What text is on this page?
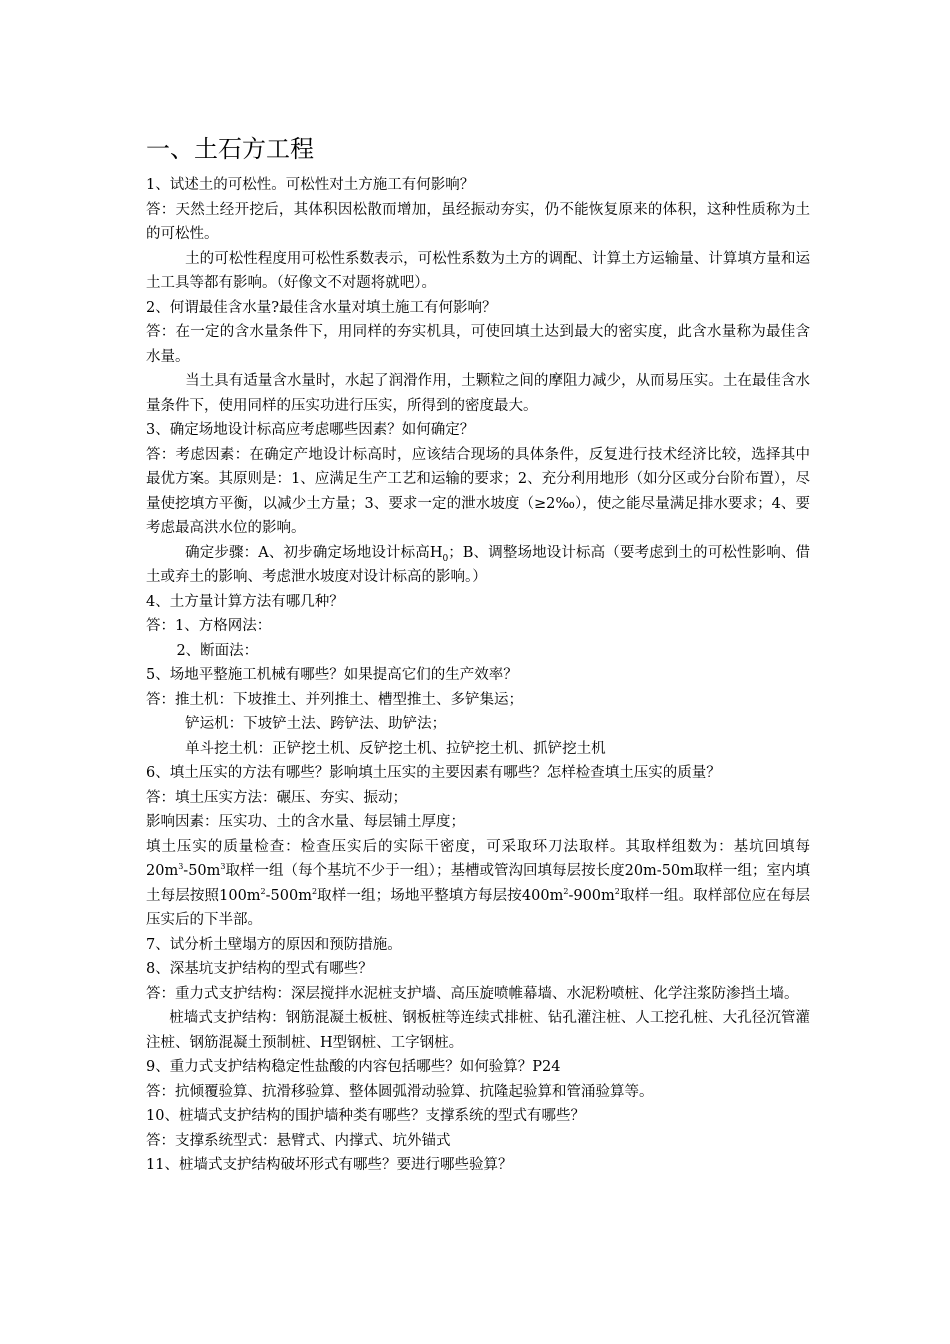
一、土石方工程

1、试述土的可松性。可松性对土方施工有何影响？

答：天然土经开挖后，其体积因松散而增加，虽经振动夯实，仍不能恢复原来的体积，这种性质称为土的可松性。

土的可松性程度用可松性系数表示，可松性系数为土方的调配、计算土方运输量、计算填方量和运土工具等都有影响。（好像文不对题将就吧）。

2、何谓最佳含水量?最佳含水量对填土施工有何影响？

答：在一定的含水量条件下，用同样的夯实机具，可使回填土达到最大的密实度，此含水量称为最佳含水量。

当土具有适量含水量时，水起了润滑作用，土颗粒之间的摩阻力减少，从而易压实。土在最佳含水量条件下，使用同样的压实功进行压实，所得到的密度最大。

3、确定场地设计标高应考虑哪些因素？如何确定？

答：考虑因素：在确定产地设计标高时，应该结合现场的具体条件，反复进行技术经济比较，选择其中最优方案。其原则是：1、应满足生产工艺和运输的要求；2、充分利用地形（如分区或分台阶布置），尽量使挖填方平衡，以减少土方量；3、要求一定的泄水坡度（≥2‰），使之能尽量满足排水要求；4、要考虑最高洪水位的影响。

确定步骤：A、初步确定场地设计标高$H_0$；B、调整场地设计标高（要考虑到土的可松性影响、借土或弃土的影响、考虑泄水坡度对设计标高的影响。）

4、土方量计算方法有哪几种？

答：1、方格网法：

2、断面法：

5、场地平整施工机械有哪些？如果提高它们的生产效率？

答：推土机：下坡推土、并列推土、槽型推土、多铲集运；

铲运机：下坡铲土法、跨铲法、助铲法；

单斗挖土机：正铲挖土机、反铲挖土机、拉铲挖土机、抓铲挖土机

6、填土压实的方法有哪些？影响填土压实的主要因素有哪些？怎样检查填土压实的质量？

答：填土压实方法：碾压、夯实、振动；

影响因素：压实功、土的含水量、每层铺土厚度；

填土压实的质量检查：检查压实后的实际干密度，可采取环刀法取样。其取样组数为：基坑回填每$20m^3-50m^3$取样一组（每个基坑不少于一组）；基槽或管沟回填每层按长度20m-50m取样一组；室内填土每层按照$100m^2-500m^2$取样一组；场地平整填方每层按$400m^2-900m^2$取样一组。取样部位应在每层压实后的下半部。

7、试分析土壁塌方的原因和预防措施。

8、深基坑支护结构的型式有哪些？

答：重力式支护结构：深层搅拌水泥桩支护墙、高压旋喷帷幕墙、水泥粉喷桩、化学注浆防渗挡土墙。

桩墙式支护结构：钢筋混凝土板桩、钢板桩等连续式排桩、钻孔灌注桩、人工挖孔桩、大孔径沉管灌注桩、钢筋混凝土预制桩、H型钢桩、工字钢桩。

9、重力式支护结构稳定性盐酸的内容包括哪些？如何验算？P24

答：抗倾覆验算、抗滑移验算、整体圆弧滑动验算、抗隆起验算和管涌验算等。

10、桩墙式支护结构的围护墙种类有哪些？支撑系统的型式有哪些？

答：支撑系统型式：悬臂式、内撑式、坑外锚式

11、桩墙式支护结构破坏形式有哪些？要进行哪些验算？
